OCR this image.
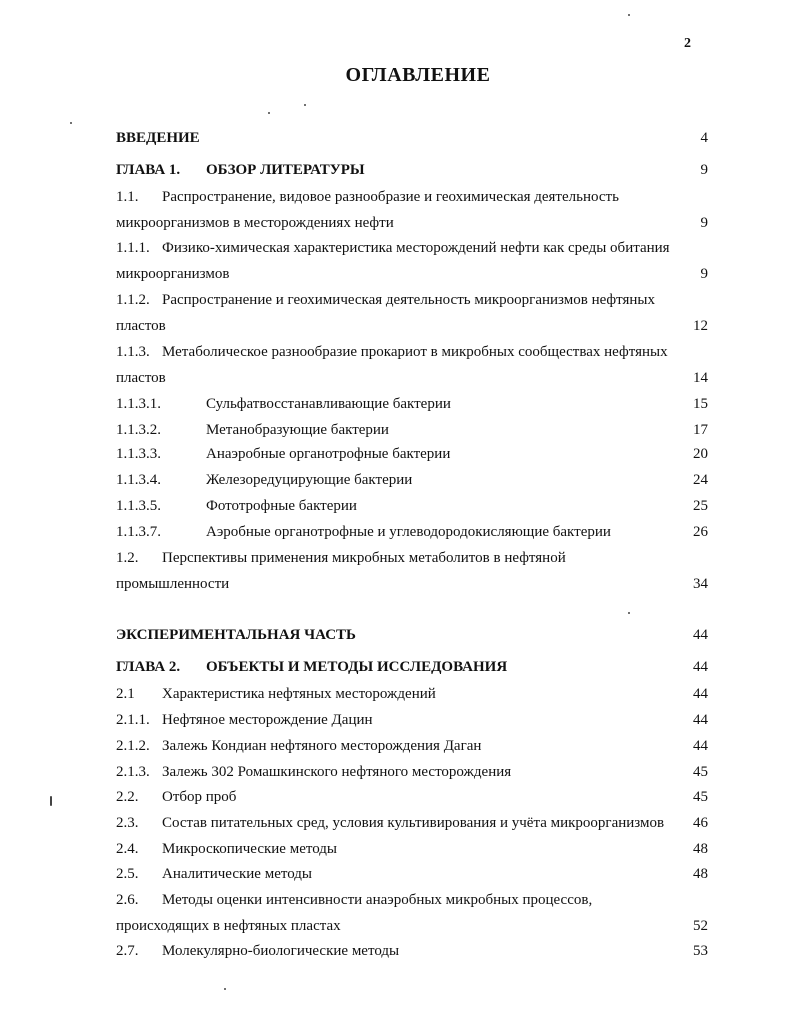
2
ОГЛАВЛЕНИЕ
ВВЕДЕНИЕ	4
ГЛАВА 1. ОБЗОР ЛИТЕРАТУРЫ	9
1.1. Распространение, видовое разнообразие и геохимическая деятельность
микроорганизмов в месторождениях нефти	9
1.1.1. Физико-химическая характеристика месторождений нефти как среды обитания
микроорганизмов	9
1.1.2. Распространение и геохимическая деятельность микроорганизмов нефтяных
пластов	12
1.1.3. Метаболическое разнообразие прокариот в микробных сообществах нефтяных
пластов	14
1.1.3.1.	Сульфатвосстанавливающие бактерии	15
1.1.3.2.	Метанобразующие бактерии	17
1.1.3.3.	Анаэробные органотрофные бактерии	20
1.1.3.4.	Железоредуцирующие бактерии	24
1.1.3.5.	Фототрофные бактерии	25
1.1.3.7.	Аэробные органотрофные и углеводородокисляющие бактерии	26
1.2. Перспективы применения микробных метаболитов в нефтяной
промышленности	34
ЭКСПЕРИМЕНТАЛЬНАЯ ЧАСТЬ	44
ГЛАВА 2. ОБЪЕКТЫ И МЕТОДЫ ИССЛЕДОВАНИЯ	44
2.1 Характеристика нефтяных месторождений	44
2.1.1. Нефтяное месторождение Дацин	44
2.1.2. Залежь Кондиан нефтяного месторождения Даган	44
2.1.3. Залежь 302 Ромашкинского нефтяного месторождения	45
2.2. Отбор проб	45
2.3. Состав питательных сред, условия культивирования и учёта микроорганизмов	46
2.4. Микроскопические методы	48
2.5. Аналитические методы	48
2.6. Методы оценки интенсивности анаэробных микробных процессов,
происходящих в нефтяных пластах	52
2.7. Молекулярно-биологические методы	53
